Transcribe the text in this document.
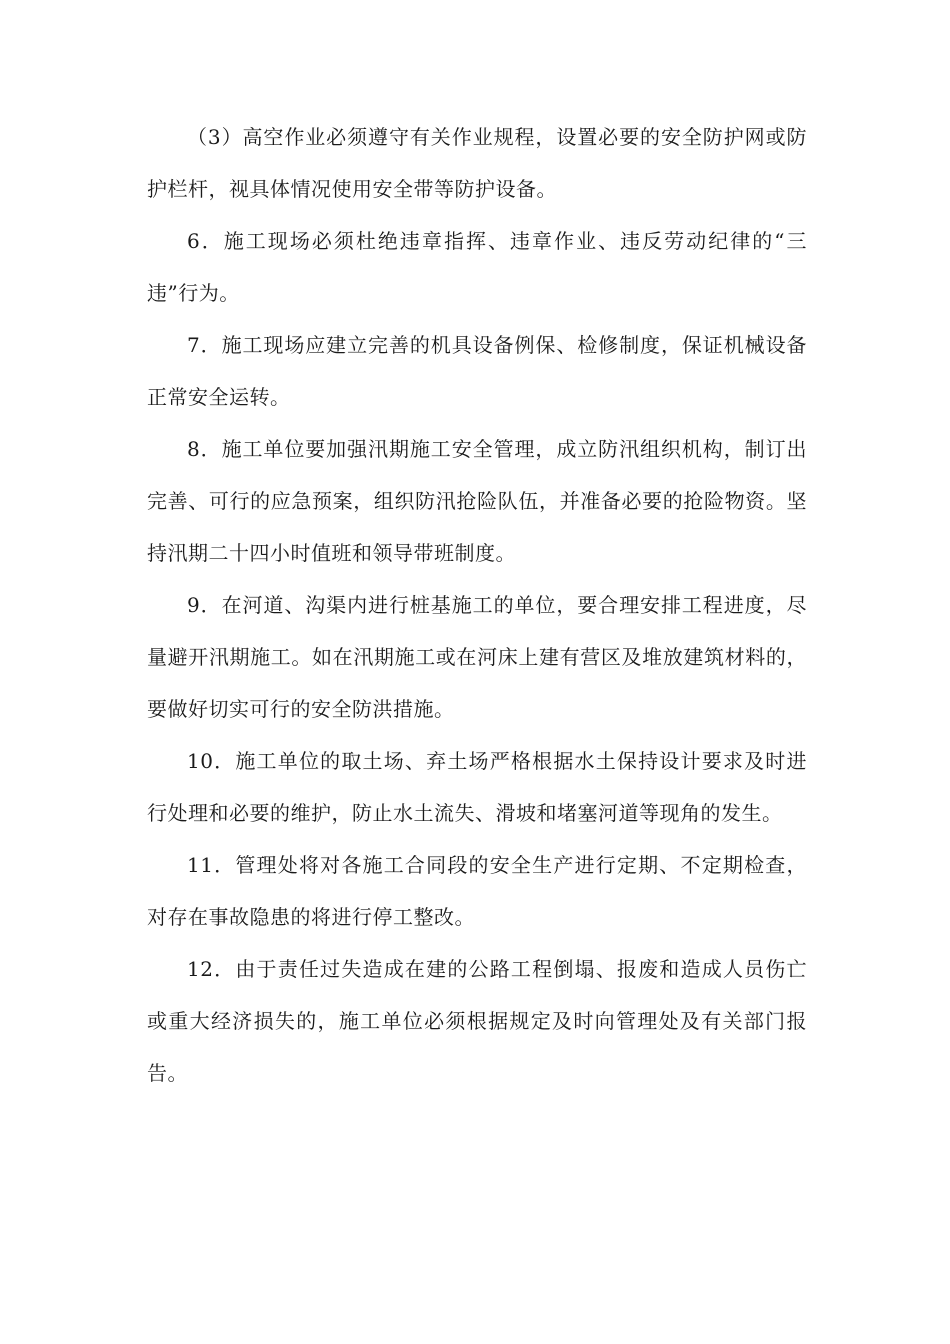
（3）高空作业必须遵守有关作业规程，设置必要的安全防护网或防护栏杆，视具体情况使用安全带等防护设备。

6．施工现场必须杜绝违章指挥、违章作业、违反劳动纪律的“三违”行为。

7．施工现场应建立完善的机具设备例保、检修制度，保证机械设备正常安全运转。

8．施工单位要加强汛期施工安全管理，成立防汛组织机构，制订出完善、可行的应急预案，组织防汛抢险队伍，并准备必要的抢险物资。坚持汛期二十四小时值班和领导带班制度。

9．在河道、沟渠内进行桩基施工的单位，要合理安排工程进度，尽量避开汛期施工。如在汛期施工或在河床上建有营区及堆放建筑材料的，要做好切实可行的安全防洪措施。

10．施工单位的取土场、弃土场严格根据水土保持设计要求及时进行处理和必要的维护，防止水土流失、滑坡和堵塞河道等现角的发生。

11．管理处将对各施工合同段的安全生产进行定期、不定期检查，对存在事故隐患的将进行停工整改。

12．由于责任过失造成在建的公路工程倒塌、报废和造成人员伤亡或重大经济损失的，施工单位必须根据规定及时向管理处及有关部门报告。
